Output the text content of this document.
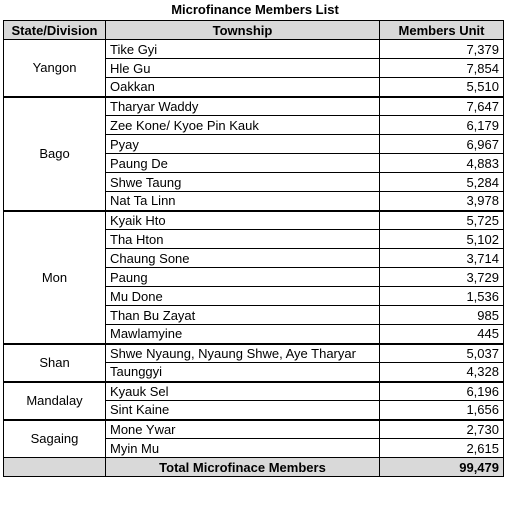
Microfinance Members List
State/Division	Township	Members Unit
Yangon	Tike Gyi	7,379
	Hle Gu	7,854
	Oakkan	5,510
Bago	Tharyar Waddy	7,647
	Zee Kone/ Kyoe Pin Kauk	6,179
	Pyay	6,967
	Paung De	4,883
	Shwe Taung	5,284
	Nat Ta Linn	3,978
Mon	Kyaik Hto	5,725
	Tha Hton	5,102
	Chaung Sone	3,714
	Paung	3,729
	Mu Done	1,536
	Than Bu Zayat	985
	Mawlamyine	445
Shan	Shwe Nyaung, Nyaung Shwe, Aye Tharyar	5,037
	Taunggyi	4,328
Mandalay	Kyauk Sel	6,196
	Sint Kaine	1,656
Sagaing	Mone Ywar	2,730
	Myin Mu	2,615
	Total Microfinace Members	99,479
